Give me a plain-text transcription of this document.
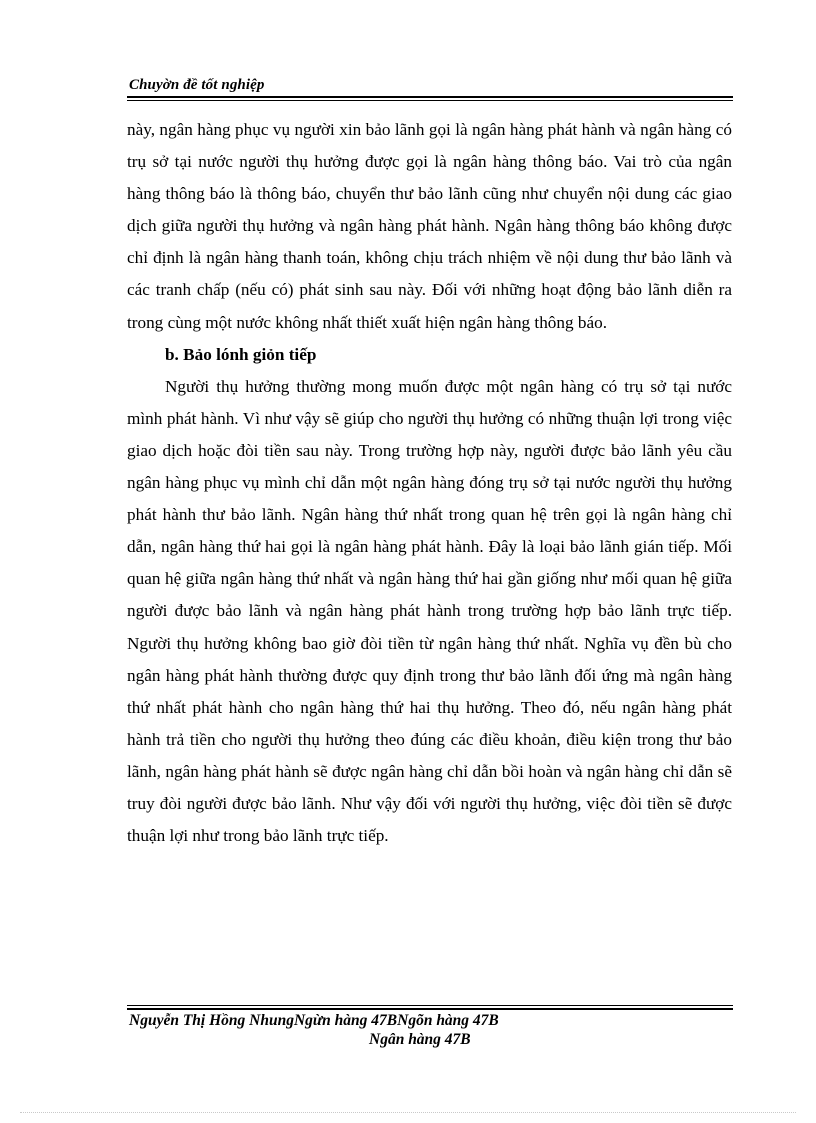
Chuyờn đề tốt nghiệp

này, ngân hàng phục vụ người xin bảo lãnh gọi là ngân hàng phát hành và ngân hàng có trụ sở tại nước người thụ hưởng được gọi là ngân hàng thông báo. Vai trò của ngân hàng thông báo là thông báo, chuyển thư bảo lãnh cũng như chuyển nội dung các giao dịch giữa người thụ hưởng và ngân hàng phát hành. Ngân hàng thông báo không được chỉ định là ngân hàng thanh toán, không chịu trách nhiệm về nội dung thư bảo lãnh và các tranh chấp (nếu có) phát sinh sau này. Đối với những hoạt động bảo lãnh diễn ra trong cùng một nước không nhất thiết xuất hiện ngân hàng thông báo.

b. Bảo lónh giỏn tiếp

Người thụ hưởng thường mong muốn được một ngân hàng có trụ sở tại nước mình phát hành. Vì như vậy sẽ giúp cho người thụ hưởng có những thuận lợi trong việc giao dịch hoặc đòi tiền sau này. Trong trường hợp này, người được bảo lãnh yêu cầu ngân hàng phục vụ mình chỉ dẫn một ngân hàng đóng trụ sở tại nước người thụ hưởng phát hành thư bảo lãnh. Ngân hàng thứ nhất trong quan hệ trên gọi là ngân hàng chỉ dẫn, ngân hàng thứ hai gọi là ngân hàng phát hành. Đây là loại bảo lãnh gián tiếp. Mối quan hệ giữa ngân hàng thứ nhất và ngân hàng thứ hai gần giống như mối quan hệ giữa người được bảo lãnh và ngân hàng phát hành trong trường hợp bảo lãnh trực tiếp. Người thụ hưởng không bao giờ đòi tiền từ ngân hàng thứ nhất. Nghĩa vụ đền bù cho ngân hàng phát hành thường được quy định trong thư bảo lãnh đối ứng mà ngân hàng thứ nhất phát hành cho ngân hàng thứ hai thụ hưởng. Theo đó, nếu ngân hàng phát hành trả tiền cho người thụ hưởng theo đúng các điều khoản, điều kiện trong thư bảo lãnh, ngân hàng phát hành sẽ được ngân hàng chỉ dẫn bồi hoàn và ngân hàng chỉ dẫn sẽ truy đòi người được bảo lãnh. Như vậy đối với người thụ hưởng, việc đòi tiền sẽ được thuận lợi như trong bảo lãnh trực tiếp.

Nguyễn Thị Hồng NhungNgừn hàng 47BNgõn hàng 47B
Ngân hàng 47B
